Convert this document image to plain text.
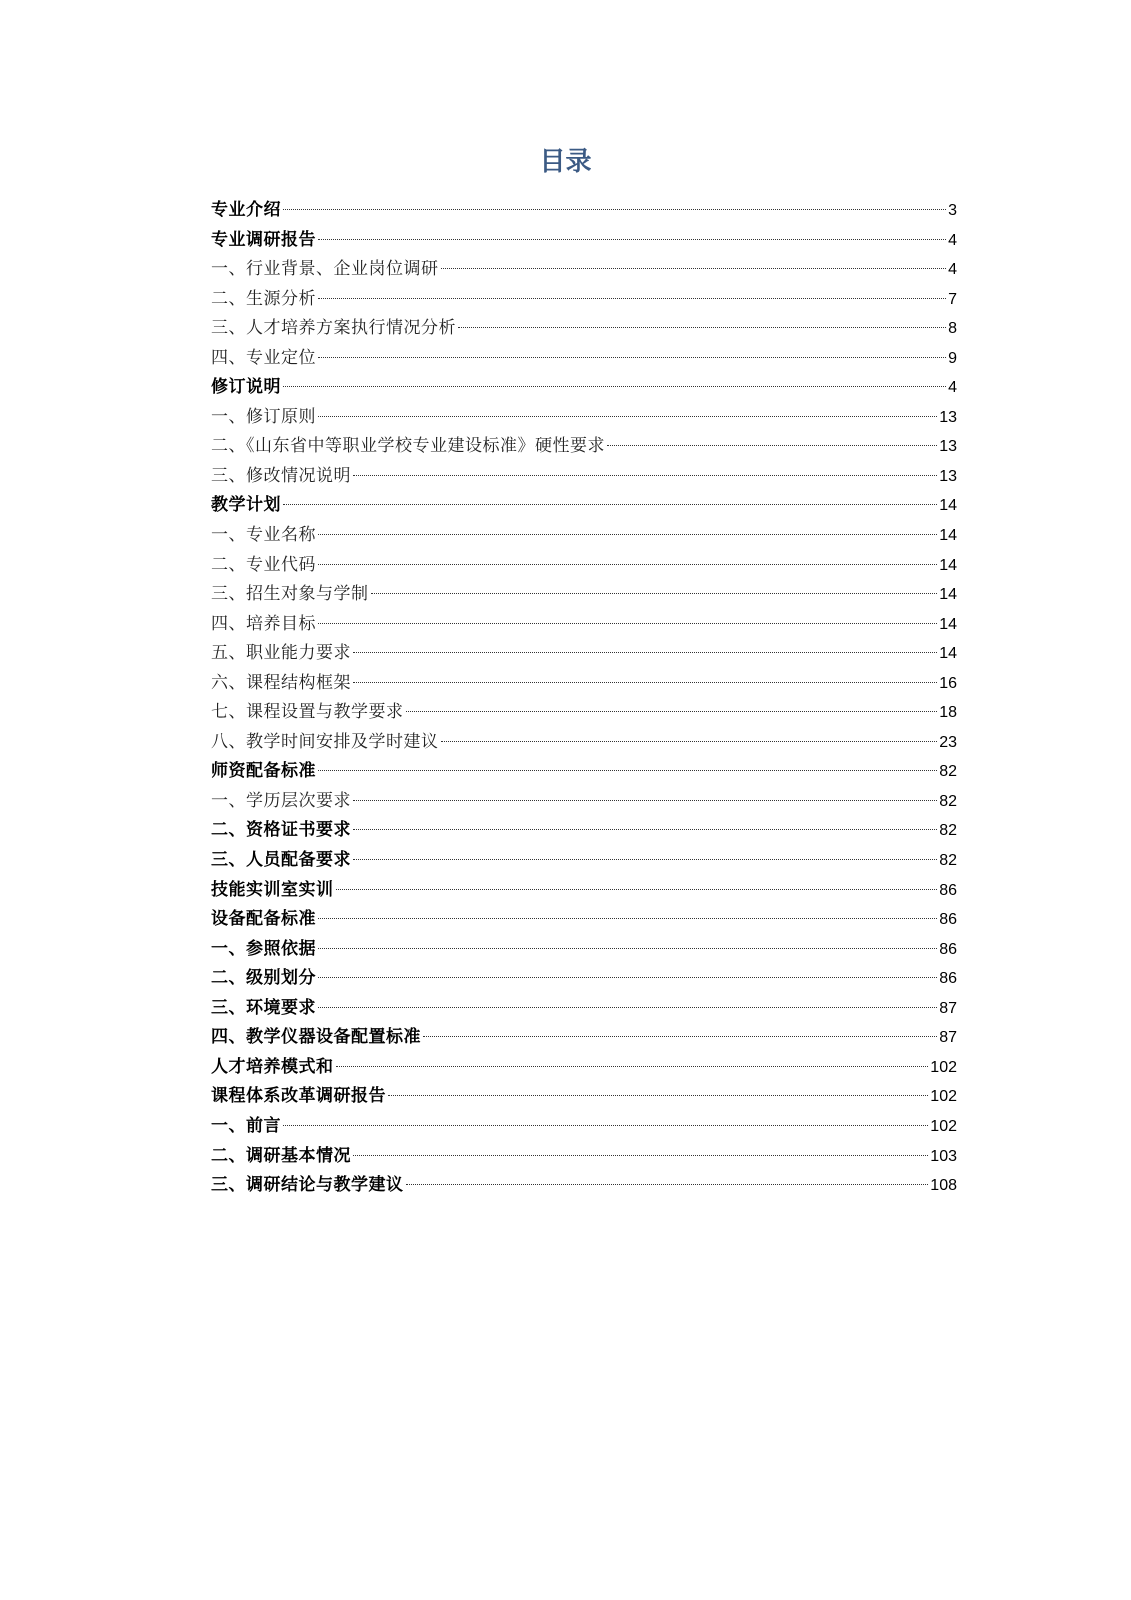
目录
专业介绍	3
专业调研报告	4
一、行业背景、企业岗位调研	4
二、生源分析	7
三、人才培养方案执行情况分析	8
四、专业定位	9
修订说明	4
一、修订原则	13
二、《山东省中等职业学校专业建设标准》硬性要求	13
三、修改情况说明	13
教学计划	14
一、专业名称	14
二、专业代码	14
三、招生对象与学制	14
四、培养目标	14
五、职业能力要求	14
六、课程结构框架	16
七、课程设置与教学要求	18
八、教学时间安排及学时建议	23
师资配备标准	82
一、学历层次要求	82
二、资格证书要求	82
三、人员配备要求	82
技能实训室实训	86
设备配备标准	86
一、参照依据	86
二、级别划分	86
三、环境要求	87
四、教学仪器设备配置标准	87
人才培养模式和	102
课程体系改革调研报告	102
一、前言	102
二、调研基本情况	103
三、调研结论与教学建议	108
